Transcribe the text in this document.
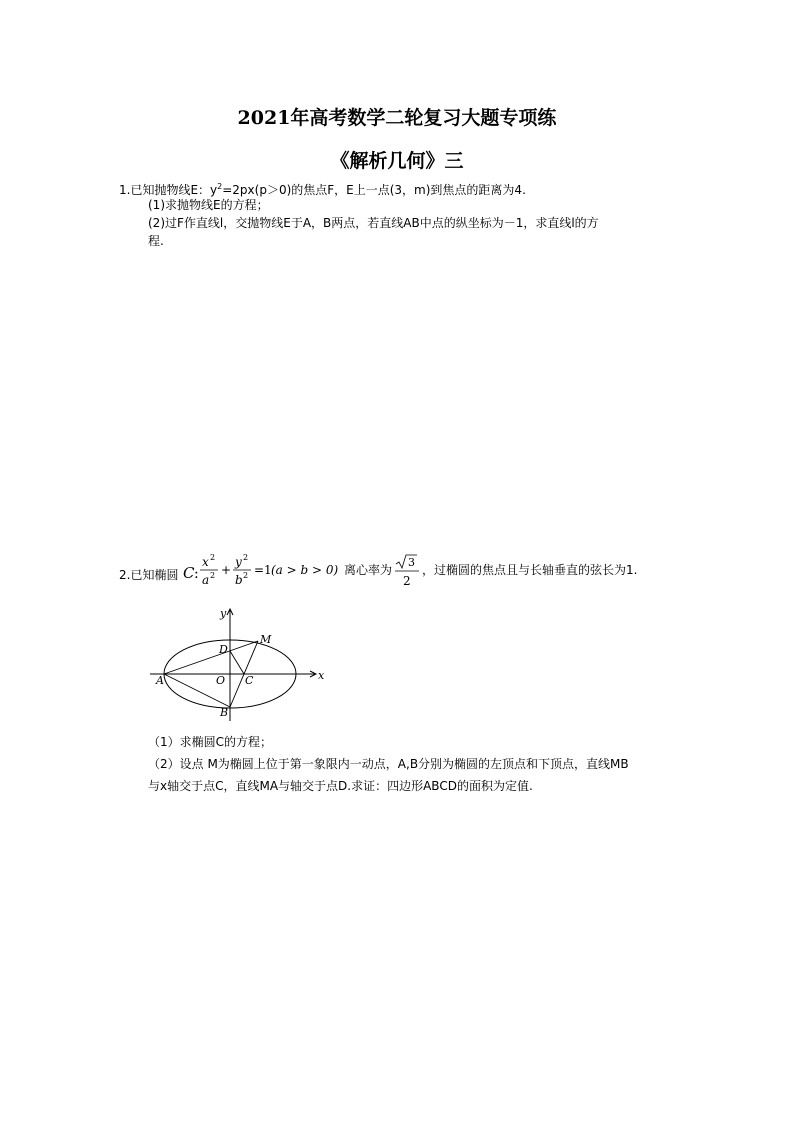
2021年高考数学二轮复习大题专项练
《解析几何》三
1.已知抛物线E：$y^2=2px(p>0)$的焦点F，E上一点(3，m)到焦点的距离为4.
(1)求抛物线E的方程；
(2)过F作直线l，交抛物线E于A，B两点，若直线AB中点的纵坐标为－1，求直线l的方
程.
2.已知椭圆 C :
x 2
a 2 +
y 2
b 2 =1 (a > b > 0) 离心率为
3
2
，过椭圆的焦点且与长轴垂直的弦长为1.
y
x
M
D
A	O C
B
（1）求椭圆C的方程；
（2）设点 M为椭圆上位于第一象限内一动点，A,B分别为椭圆的左顶点和下顶点，直线MB
与x轴交于点C，直线MA与轴交于点D.求证：四边形ABCD的面积为定值.
